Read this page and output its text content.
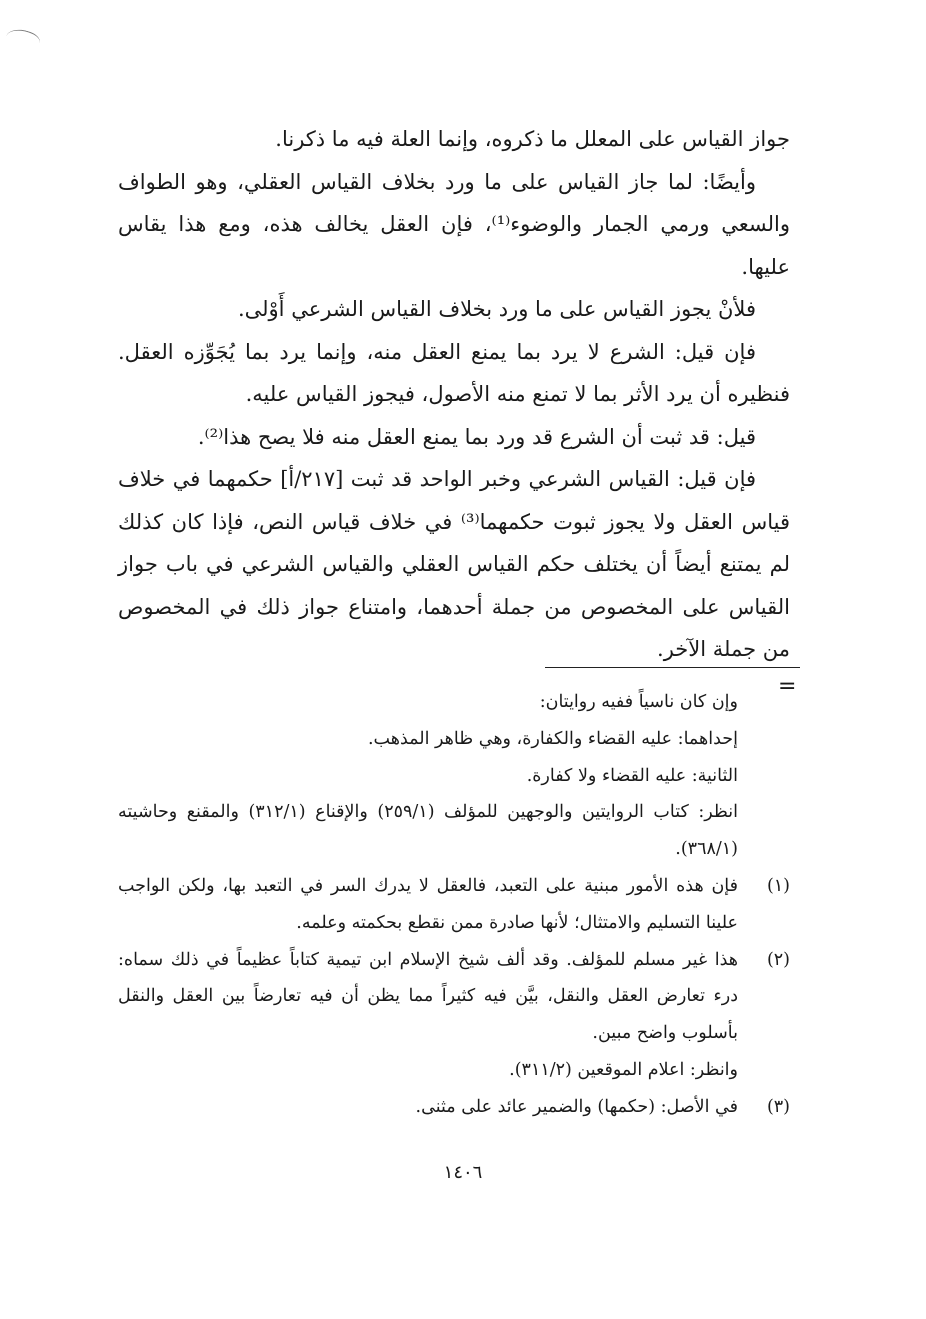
جواز القياس على المعلل ما ذكروه، وإنما العلة فيه ما ذكرنا.

وأيضًا: لما جاز القياس على ما ورد بخلاف القياس العقلي، وهو الطواف والسعي ورمي الجمار والوضوء⁽¹⁾، فإن العقل يخالف هذه، ومع هذا يقاس عليها.

فلأنْ يجوز القياس على ما ورد بخلاف القياس الشرعي أَوْلى.

فإن قيل: الشرع لا يرد بما يمنع العقل منه، وإنما يرد بما يُجَوِّزه العقل. فنظيره أن يرد الأثر بما لا تمنع منه الأصول، فيجوز القياس عليه.

قيل: قد ثبت أن الشرع قد ورد بما يمنع العقل منه فلا يصح هذا⁽²⁾.

فإن قيل: القياس الشرعي وخبر الواحد قد ثبت [٢١٧/أ] حكمهما في خلاف قياس العقل ولا يجوز ثبوت حكمهما⁽³⁾ في خلاف قياس النص، فإذا كان كذلك لم يمتنع أيضاً أن يختلف حكم القياس العقلي والقياس الشرعي في باب جواز القياس على المخصوص من جملة أحدهما، وامتناع جواز ذلك في المخصوص من جملة الآخر.

=

وإن كان ناسياً ففيه روايتان:

إحداهما: عليه القضاء والكفارة، وهي ظاهر المذهب.

الثانية: عليه القضاء ولا كفارة.

انظر: كتاب الروايتين والوجهين للمؤلف (٢٥٩/١) والإقناع (٣١٢/١) والمقنع وحاشيته (٣٦٨/١).

(١)

فإن هذه الأمور مبنية على التعبد، فالعقل لا يدرك السر في التعبد بها، ولكن الواجب علينا التسليم والامتثال؛ لأنها صادرة ممن نقطع بحكمته وعلمه.

(٢)

هذا غير مسلم للمؤلف. وقد ألف شيخ الإسلام ابن تيمية كتاباً عظيماً في ذلك سماه: درء تعارض العقل والنقل، بيَّن فيه كثيراً مما يظن أن فيه تعارضاً بين العقل والنقل بأسلوب واضح مبين.

وانظر: اعلام الموقعين (٣١١/٢).

(٣)

في الأصل: (حكمها) والضمير عائد على مثنى.

١٤٠٦
